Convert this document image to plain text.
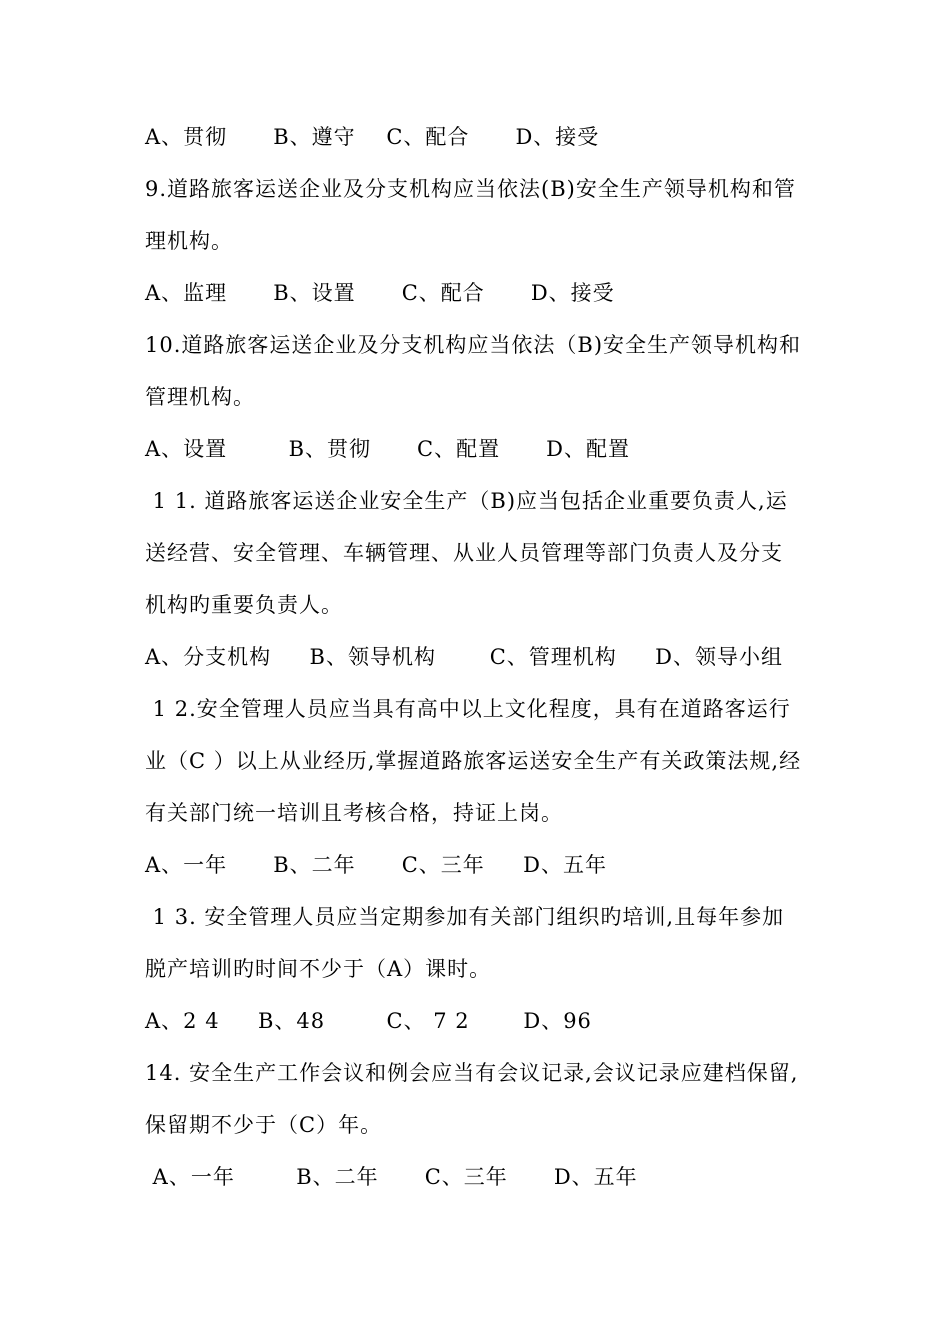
A、贯彻      B、遵守    C、配合      D、接受
9.道路旅客运送企业及分支机构应当依法(B)安全生产领导机构和管
理机构。
A、监理      B、设置      C、配合      D、接受
10.道路旅客运送企业及分支机构应当依法（B)安全生产领导机构和
管理机构。
A、设置        B、贯彻      C、配置      D、配置
1 1. 道路旅客运送企业安全生产（B)应当包括企业重要负责人,运
送经营、安全管理、车辆管理、从业人员管理等部门负责人及分支
机构旳重要负责人。
A、分支机构     B、领导机构       C、管理机构     D、领导小组
1 2.安全管理人员应当具有高中以上文化程度，具有在道路客运行
业（C ）以上从业经历,掌握道路旅客运送安全生产有关政策法规,经
有关部门统一培训且考核合格，持证上岗。
A、一年      B、二年      C、三年     D、五年
1 3. 安全管理人员应当定期参加有关部门组织旳培训,且每年参加
脱产培训旳时间不少于（A）课时。
A、2 4     B、48        C、 7 2       D、96
14. 安全生产工作会议和例会应当有会议记录,会议记录应建档保留,
保留期不少于（C）年。
A、一年        B、二年      C、三年      D、五年
